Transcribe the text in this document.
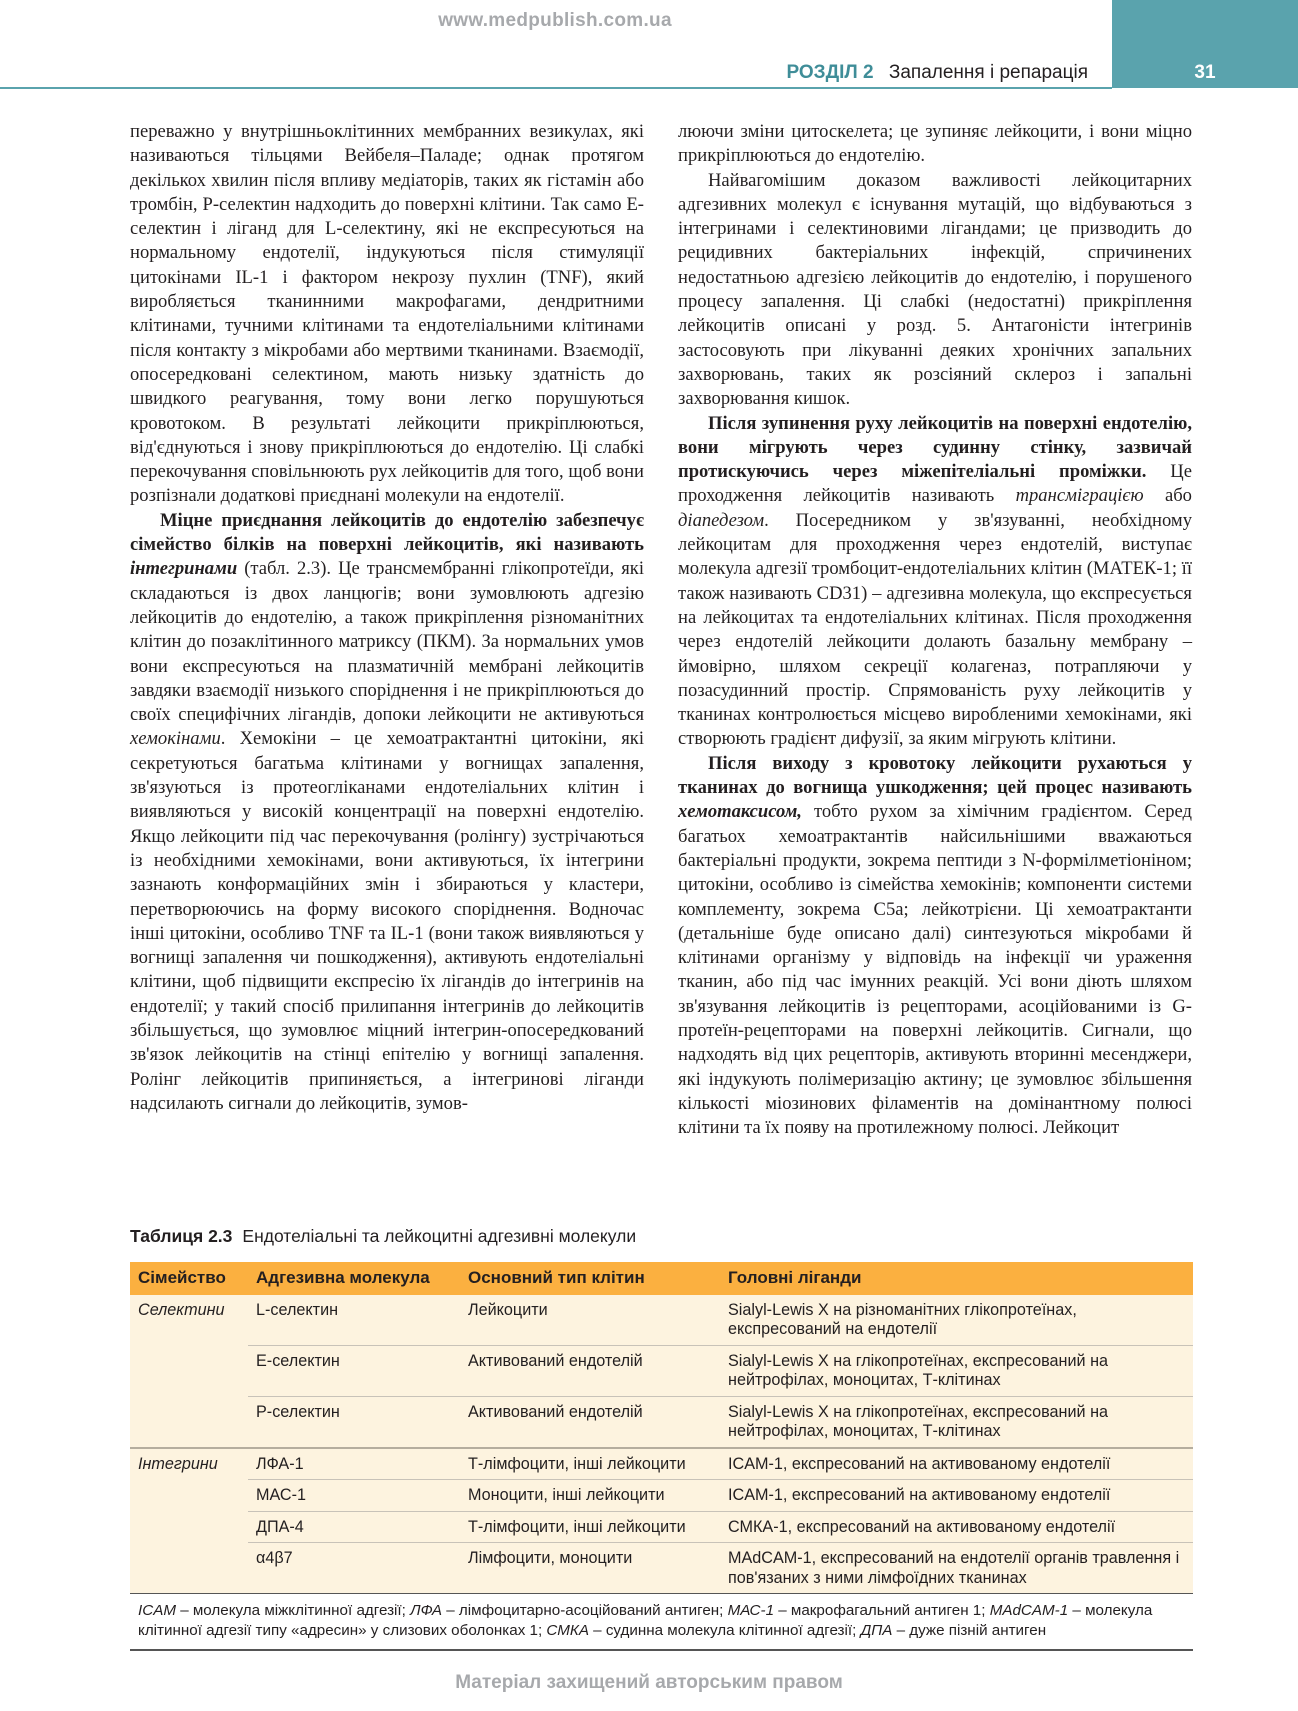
www.medpublish.com.ua
31
РОЗДІЛ 2 Запалення і репарація

переважно у внутрішньоклітинних мембранних везикулах, які називаються тільцями Вейбеля–Паладе; однак протягом декількох хвилин після впливу медіаторів, таких як гістамін або тромбін, Р-селектин надходить до поверхні клітини. Так само Е-селектин і ліганд для L-селектину, які не експресуються на нормальному ендотелії, індукуються після стимуляції цитокінами IL-1 і фактором некрозу пухлин (TNF), який виробляється тканинними макрофагами, дендритними клітинами, тучними клітинами та ендотеліальними клітинами після контакту з мікробами або мертвими тканинами. Взаємодії, опосередковані селектином, мають низьку здатність до швидкого реагування, тому вони легко порушуються кровотоком. В результаті лейкоцити прикріплюються, від'єднуються і знову прикріплюються до ендотелію. Ці слабкі перекочування сповільнюють рух лейкоцитів для того, щоб вони розпізнали додаткові приєднані молекули на ендотелії.

Міцне приєднання лейкоцитів до ендотелію забезпечує сімейство білків на поверхні лейкоцитів, які називають інтегринами (табл. 2.3). Це трансмембранні глікопротеїди, які складаються із двох ланцюгів; вони зумовлюють адгезію лейкоцитів до ендотелію, а також прикріплення різноманітних клітин до позаклітинного матриксу (ПКМ). За нормальних умов вони експресуються на плазматичній мембрані лейкоцитів завдяки взаємодії низького споріднення і не прикріплюються до своїх специфічних лігандів, допоки лейкоцити не активуються хемокінами. Хемокіни – це хемоатрактантні цитокіни, які секретуються багатьма клітинами у вогнищах запалення, зв'язуються із протеогліканами ендотеліальних клітин і виявляються у високій концентрації на поверхні ендотелію. Якщо лейкоцити під час перекочування (ролінгу) зустрічаються із необхідними хемокінами, вони активуються, їх інтегрини зазнають конформаційних змін і збираються у кластери, перетворюючись на форму високого споріднення. Водночас інші цитокіни, особливо TNF та IL-1 (вони також виявляються у вогнищі запалення чи пошкодження), активують ендотеліальні клітини, щоб підвищити експресію їх лігандів до інтегринів на ендотелії; у такий спосіб прилипання інтегринів до лейкоцитів збільшується, що зумовлює міцний інтегрин-опосередкований зв'язок лейкоцитів на стінці епітелію у вогнищі запалення. Ролінг лейкоцитів припиняється, а інтегринові ліганди надсилають сигнали до лейкоцитів, зумов-

люючи зміни цитоскелета; це зупиняє лейкоцити, і вони міцно прикріплюються до ендотелію.

Найвагомішим доказом важливості лейкоцитарних адгезивних молекул є існування мутацій, що відбуваються з інтегринами і селектиновими лігандами; це призводить до рецидивних бактеріальних інфекцій, спричинених недостатньою адгезією лейкоцитів до ендотелію, і порушеного процесу запалення. Ці слабкі (недостатні) прикріплення лейкоцитів описані у розд. 5. Антагоністи інтегринів застосовують при лікуванні деяких хронічних запальних захворювань, таких як розсіяний склероз і запальні захворювання кишок.

Після зупинення руху лейкоцитів на поверхні ендотелію, вони мігрують через судинну стінку, зазвичай протискуючись через міжепітеліальні проміжки. Це проходження лейкоцитів називають трансміграцією або діапедезом. Посередником у зв'язуванні, необхідному лейкоцитам для проходження через ендотелій, виступає молекула адгезії тромбоцит-ендотеліальних клітин (МАТЕК-1; її також називають CD31) – адгезивна молекула, що експресується на лейкоцитах та ендотеліальних клітинах. Після проходження через ендотелій лейкоцити долають базальну мембрану – ймовірно, шляхом секреції колагеназ, потрапляючи у позасудинний простір. Спрямованість руху лейкоцитів у тканинах контролюється місцево виробленими хемокінами, які створюють градієнт дифузії, за яким мігрують клітини.

Після виходу з кровотоку лейкоцити рухаються у тканинах до вогнища ушкодження; цей процес називають хемотаксисом, тобто рухом за хімічним градієнтом. Серед багатьох хемоатрактантів найсильнішими вважаються бактеріальні продукти, зокрема пептиди з N-формілметіоніном; цитокіни, особливо із сімейства хемокінів; компоненти системи комплементу, зокрема C5a; лейкотрієни. Ці хемоатрактанти (детальніше буде описано далі) синтезуються мікробами й клітинами організму у відповідь на інфекції чи ураження тканин, або під час імунних реакцій. Усі вони діють шляхом зв'язування лейкоцитів із рецепторами, асоційованими із G-протеїн-рецепторами на поверхні лейкоцитів. Сигнали, що надходять від цих рецепторів, активують вторинні месенджери, які індукують полімеризацію актину; це зумовлює збільшення кількості міозинових філаментів на домінантному полюсі клітини та їх появу на протилежному полюсі. Лейкоцит

Таблиця 2.3 Ендотеліальні та лейкоцитні адгезивні молекули
Сімейство	Адгезивна молекула	Основний тип клітин	Головні ліганди
Селектини	L-селектин	Лейкоцити	Sialyl-Lewis X на різноманітних глікопротеїнах, експресований на ендотелії
	Е-селектин	Активований ендотелій	Sialyl-Lewis X на глікопротеїнах, експресований на нейтрофілах, моноцитах, Т-клітинах
	Р-селектин	Активований ендотелій	Sialyl-Lewis X на глікопротеїнах, експресований на нейтрофілах, моноцитах, Т-клітинах
Інтегрини	ЛФА-1	Т-лімфоцити, інші лейкоцити	ICAM-1, експресований на активованому ендотелії
	МАС-1	Моноцити, інші лейкоцити	ICAM-1, експресований на активованому ендотелії
	ДПА-4	Т-лімфоцити, інші лейкоцити	СМКА-1, експресований на активованому ендотелії
	α4β7	Лімфоцити, моноцити	MAdCAM-1, експресований на ендотелії органів травлення і пов'язаних з ними лімфоїдних тканинах
ICAM – молекула міжклітинної адгезії; ЛФА – лімфоцитарно-асоційований антиген; МАС-1 – макрофагальний антиген 1; MAdCAM-1 – молекула клітинної адгезії типу «адресин» у слизових оболонках 1; СМКА – судинна молекула клітинної адгезії; ДПА – дуже пізній антиген			
Матеріал захищений авторським правом
